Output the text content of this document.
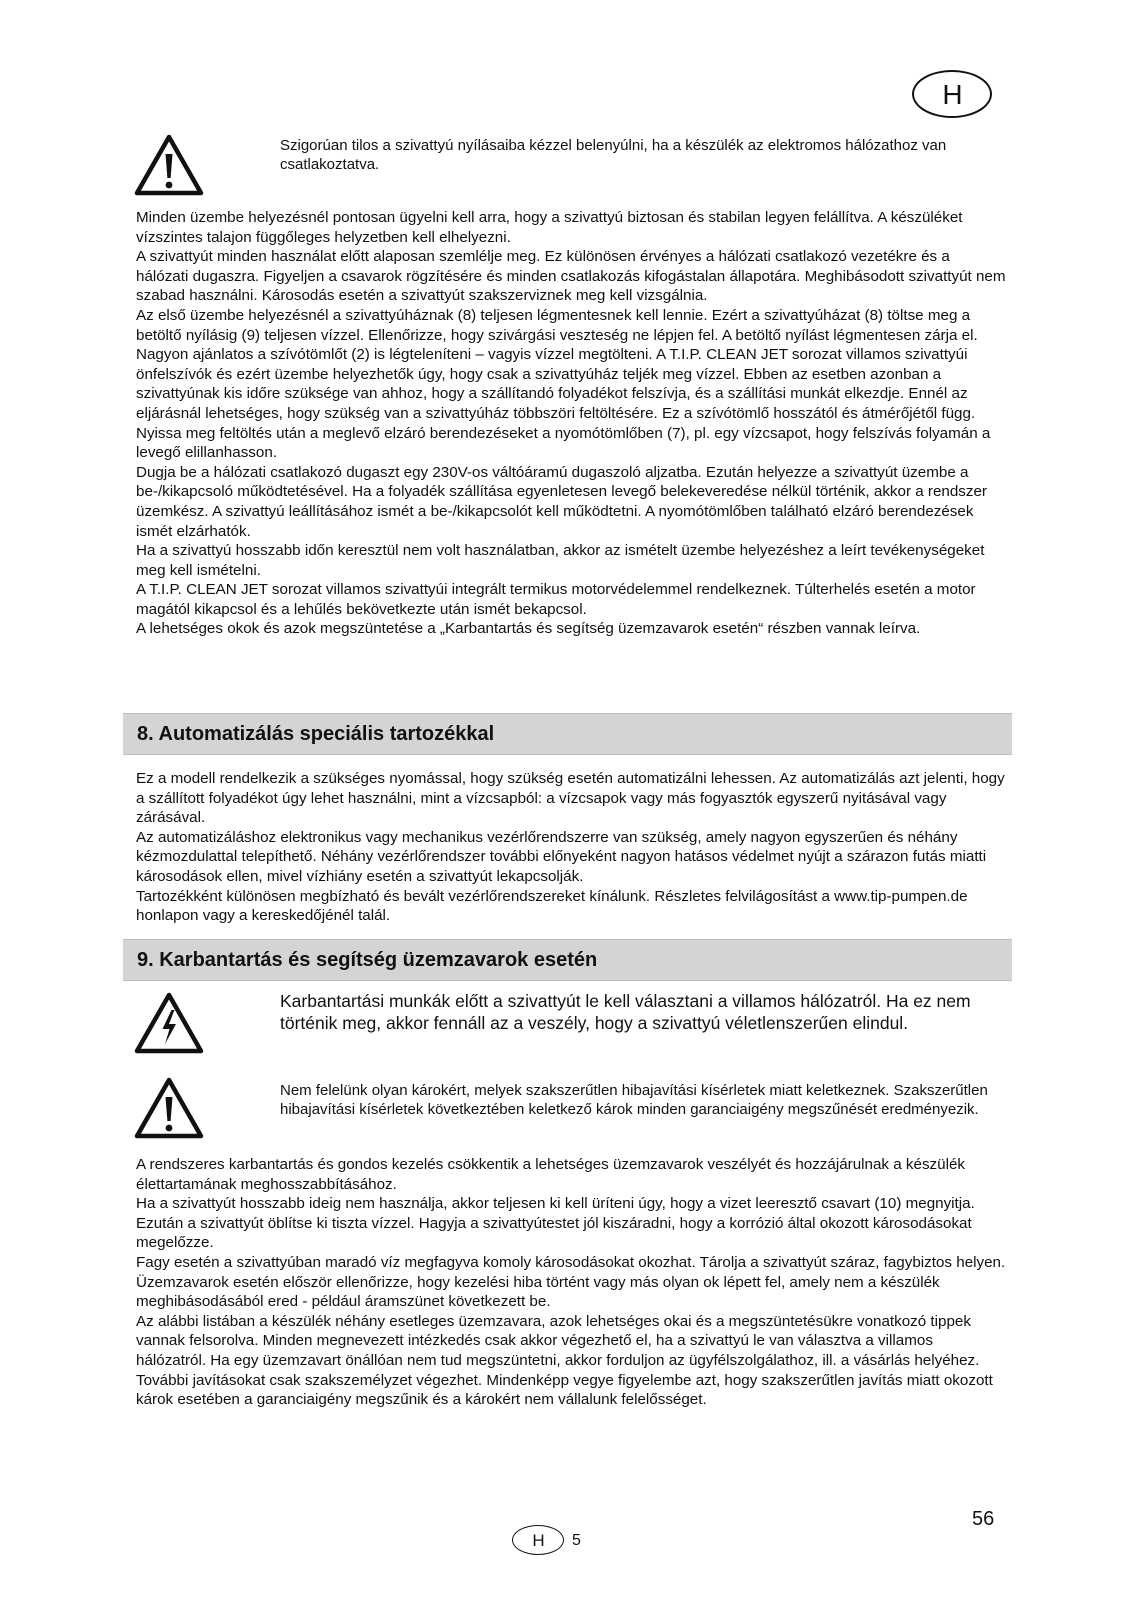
H
Szigorúan tilos a szivattyú nyílásaiba kézzel belenyúlni, ha a készülék az elektromos hálózathoz van csatlakoztatva.

Minden üzembe helyezésnél pontosan ügyelni kell arra, hogy a szivattyú biztosan és stabilan legyen felállítva. A készüléket vízszintes talajon függőleges helyzetben kell elhelyezni.

A szivattyút minden használat előtt alaposan szemlélje meg. Ez különösen érvényes a hálózati csatlakozó vezetékre és a hálózati dugaszra. Figyeljen a csavarok rögzítésére és minden csatlakozás kifogástalan állapotára. Meghibásodott szivattyút nem szabad használni. Károsodás esetén a szivattyút szakszerviznek meg kell vizsgálnia.

Az első üzembe helyezésnél a szivattyúháznak (8) teljesen légmentesnek kell lennie. Ezért a szivattyúházat (8) töltse meg a betöltő nyílásig (9) teljesen vízzel. Ellenőrizze, hogy szivárgási veszteség ne lépjen fel. A betöltő nyílást légmentesen zárja el. Nagyon ajánlatos a szívótömlőt (2) is légteleníteni – vagyis vízzel megtölteni. A T.I.P. CLEAN JET sorozat villamos szivattyúi önfelszívók és ezért üzembe helyezhetők úgy, hogy csak a szivattyúház teljék meg vízzel. Ebben az esetben azonban a szivattyúnak kis időre szüksége van ahhoz, hogy a szállítandó folyadékot felszívja, és a szállítási munkát elkezdje. Ennél az eljárásnál lehetséges, hogy szükség van a szivattyúház többszöri feltöltésére. Ez a szívótömlő hosszától és átmérőjétől függ. Nyissa meg feltöltés után a meglevő elzáró berendezéseket a nyomótömlőben (7), pl. egy vízcsapot, hogy felszívás folyamán a levegő elillanhasson.

Dugja be a hálózati csatlakozó dugaszt egy 230V-os váltóáramú dugaszoló aljzatba. Ezután helyezze a szivattyút üzembe a be-/kikapcsoló működtetésével. Ha a folyadék szállítása egyenletesen levegő belekeveredése nélkül történik, akkor a rendszer üzemkész. A szivattyú leállításához ismét a be-/kikapcsolót kell működtetni. A nyomótömlőben található elzáró berendezések ismét elzárhatók.

Ha a szivattyú hosszabb időn keresztül nem volt használatban, akkor az ismételt üzembe helyezéshez a leírt tevékenységeket meg kell ismételni.

A T.I.P. CLEAN JET sorozat villamos szivattyúi integrált termikus motorvédelemmel rendelkeznek. Túlterhelés esetén a motor magától kikapcsol és a lehűlés bekövetkezte után ismét bekapcsol.

A lehetséges okok és azok megszüntetése a „Karbantartás és segítség üzemzavarok esetén“ részben vannak leírva.

8. Automatizálás speciális tartozékkal

Ez a modell rendelkezik a szükséges nyomással, hogy szükség esetén automatizálni lehessen. Az automatizálás azt jelenti, hogy a szállított folyadékot úgy lehet használni, mint a vízcsapból: a vízcsapok vagy más fogyasztók egyszerű nyitásával vagy zárásával.

Az automatizáláshoz elektronikus vagy mechanikus vezérlőrendszerre van szükség, amely nagyon egyszerűen és néhány kézmozdulattal telepíthető. Néhány vezérlőrendszer további előnyeként nagyon hatásos védelmet nyújt a szárazon futás miatti károsodások ellen, mivel vízhiány esetén a szivattyút lekapcsolják.

Tartozékként különösen megbízható és bevált vezérlőrendszereket kínálunk. Részletes felvilágosítást a www.tip-pumpen.de honlapon vagy a kereskedőjénél talál.

9. Karbantartás és segítség üzemzavarok esetén
Karbantartási munkák előtt a szivattyút le kell választani a villamos hálózatról. Ha ez nem történik meg, akkor fennáll az a veszély, hogy a szivattyú véletlenszerűen elindul.
Nem felelünk olyan károkért, melyek szakszerűtlen hibajavítási kísérletek miatt keletkeznek. Szakszerűtlen hibajavítási kísérletek következtében keletkező károk minden garanciaigény megszűnését eredményezik.

A rendszeres karbantartás és gondos kezelés csökkentik a lehetséges üzemzavarok veszélyét és hozzájárulnak a készülék élettartamának meghosszabbításához.

Ha a szivattyút hosszabb ideig nem használja, akkor teljesen ki kell üríteni úgy, hogy a vizet leeresztő csavart (10) megnyitja. Ezután a szivattyút öblítse ki tiszta vízzel. Hagyja a szivattyútestet jól kiszáradni, hogy a korrózió által okozott károsodásokat megelőzze.

Fagy esetén a szivattyúban maradó víz megfagyva komoly károsodásokat okozhat. Tárolja a szivattyút száraz, fagybiztos helyen.

Üzemzavarok esetén először ellenőrizze, hogy kezelési hiba történt vagy más olyan ok lépett fel, amely nem a készülék meghibásodásából ered - például áramszünet következett be.

Az alábbi listában a készülék néhány esetleges üzemzavara, azok lehetséges okai és a megszüntetésükre vonatkozó tippek vannak felsorolva. Minden megnevezett intézkedés csak akkor végezhető el, ha a szivattyú le van választva a villamos hálózatról. Ha egy üzemzavart önállóan nem tud megszüntetni, akkor forduljon az ügyfélszolgálathoz, ill. a vásárlás helyéhez. További javításokat csak szakszemélyzet végezhet. Mindenképp vegye figyelembe azt, hogy szakszerűtlen javítás miatt okozott károk esetében a garanciaigény megszűnik és a károkért nem vállalunk felelősséget.

H	5
56
